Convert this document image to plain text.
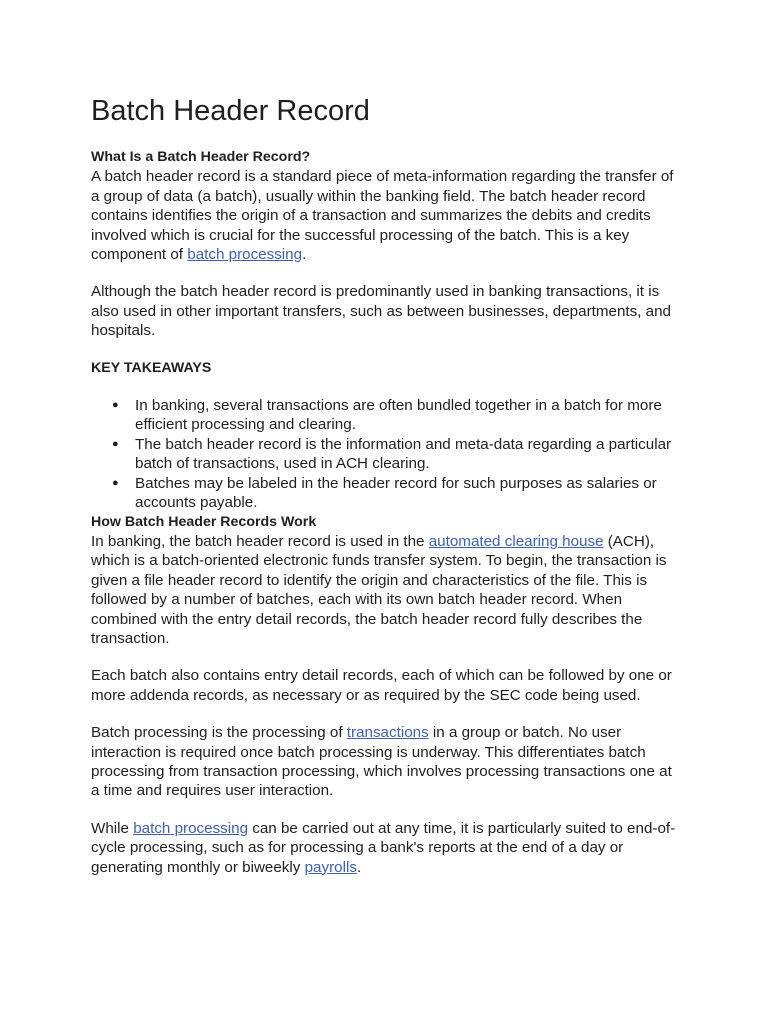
Batch Header Record

What Is a Batch Header Record?

A batch header record is a standard piece of meta-information regarding the transfer of a group of data (a batch), usually within the banking field. The batch header record contains identifies the origin of a transaction and summarizes the debits and credits involved which is crucial for the successful processing of the batch. This is a key component of batch processing.

Although the batch header record is predominantly used in banking transactions, it is also used in other important transfers, such as between businesses, departments, and hospitals.

KEY TAKEAWAYS

● In banking, several transactions are often bundled together in a batch for more efficient processing and clearing.
● The batch header record is the information and meta-data regarding a particular batch of transactions, used in ACH clearing.
● Batches may be labeled in the header record for such purposes as salaries or accounts payable.

How Batch Header Records Work

In banking, the batch header record is used in the automated clearing house (ACH), which is a batch-oriented electronic funds transfer system. To begin, the transaction is given a file header record to identify the origin and characteristics of the file. This is followed by a number of batches, each with its own batch header record. When combined with the entry detail records, the batch header record fully describes the transaction.

Each batch also contains entry detail records, each of which can be followed by one or more addenda records, as necessary or as required by the SEC code being used.

Batch processing is the processing of transactions in a group or batch. No user interaction is required once batch processing is underway. This differentiates batch processing from transaction processing, which involves processing transactions one at a time and requires user interaction.

While batch processing can be carried out at any time, it is particularly suited to end-of-cycle processing, such as for processing a bank's reports at the end of a day or generating monthly or biweekly payrolls.
